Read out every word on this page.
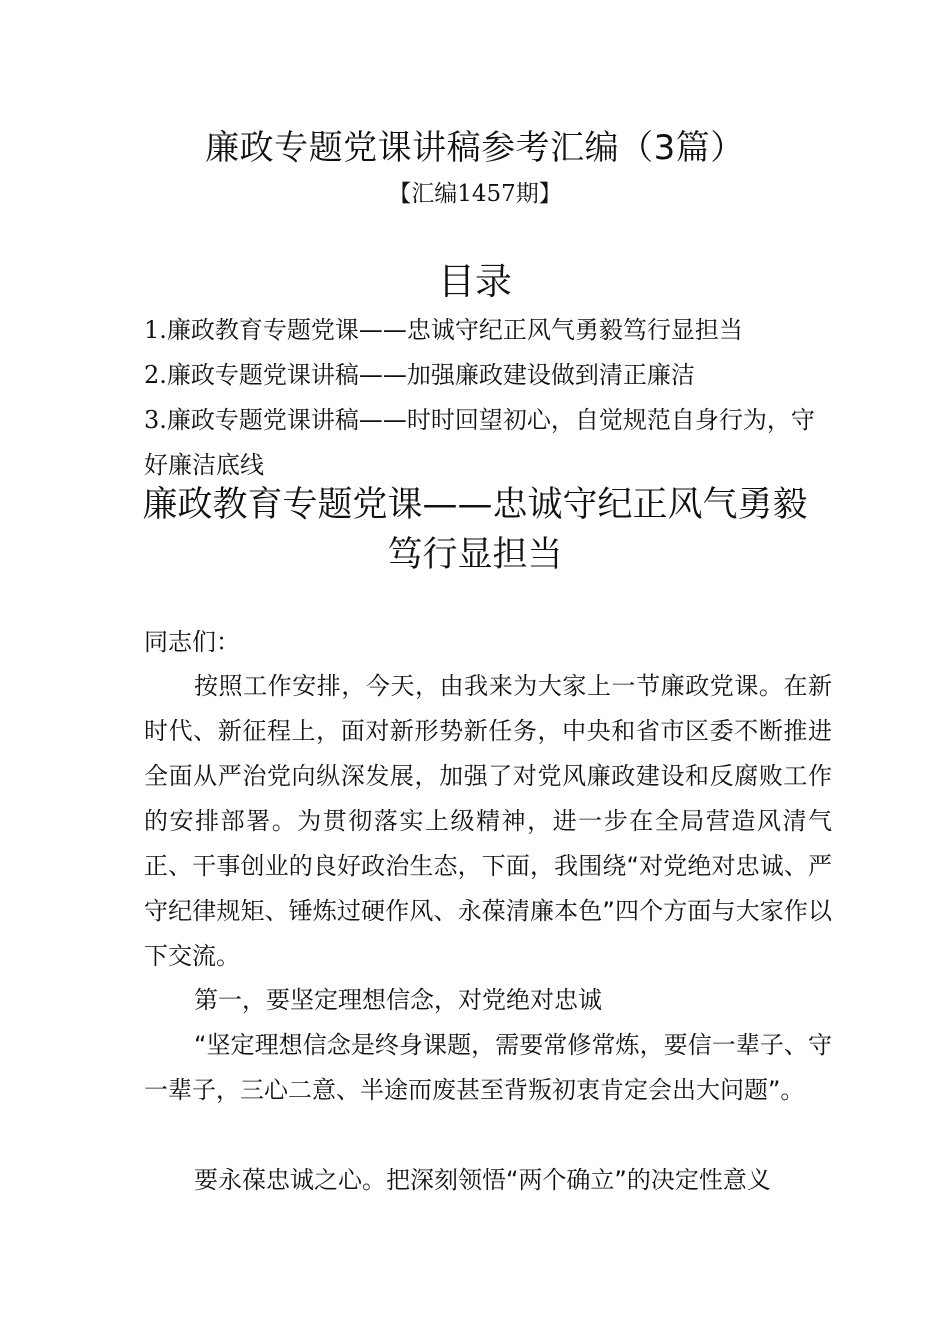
廉政专题党课讲稿参考汇编（3篇）
【汇编1457期】
目录
1.廉政教育专题党课——忠诚守纪正风气勇毅笃行显担当
2.廉政专题党课讲稿——加强廉政建设做到清正廉洁
3.廉政专题党课讲稿——时时回望初心，自觉规范自身行为，守好廉洁底线
廉政教育专题党课——忠诚守纪正风气勇毅笃行显担当
同志们：

按照工作安排，今天，由我来为大家上一节廉政党课。在新时代、新征程上，面对新形势新任务，中央和省市区委不断推进全面从严治党向纵深发展，加强了对党风廉政建设和反腐败工作的安排部署。为贯彻落实上级精神，进一步在全局营造风清气正、干事创业的良好政治生态，下面，我围绕“对党绝对忠诚、严守纪律规矩、锤炼过硬作风、永葆清廉本色”四个方面与大家作以下交流。

第一，要坚定理想信念，对党绝对忠诚

“坚定理想信念是终身课题，需要常修常炼，要信一辈子、守一辈子，三心二意、半途而废甚至背叛初衷肯定会出大问题”。

要永葆忠诚之心。把深刻领悟“两个确立”的决定性意义
